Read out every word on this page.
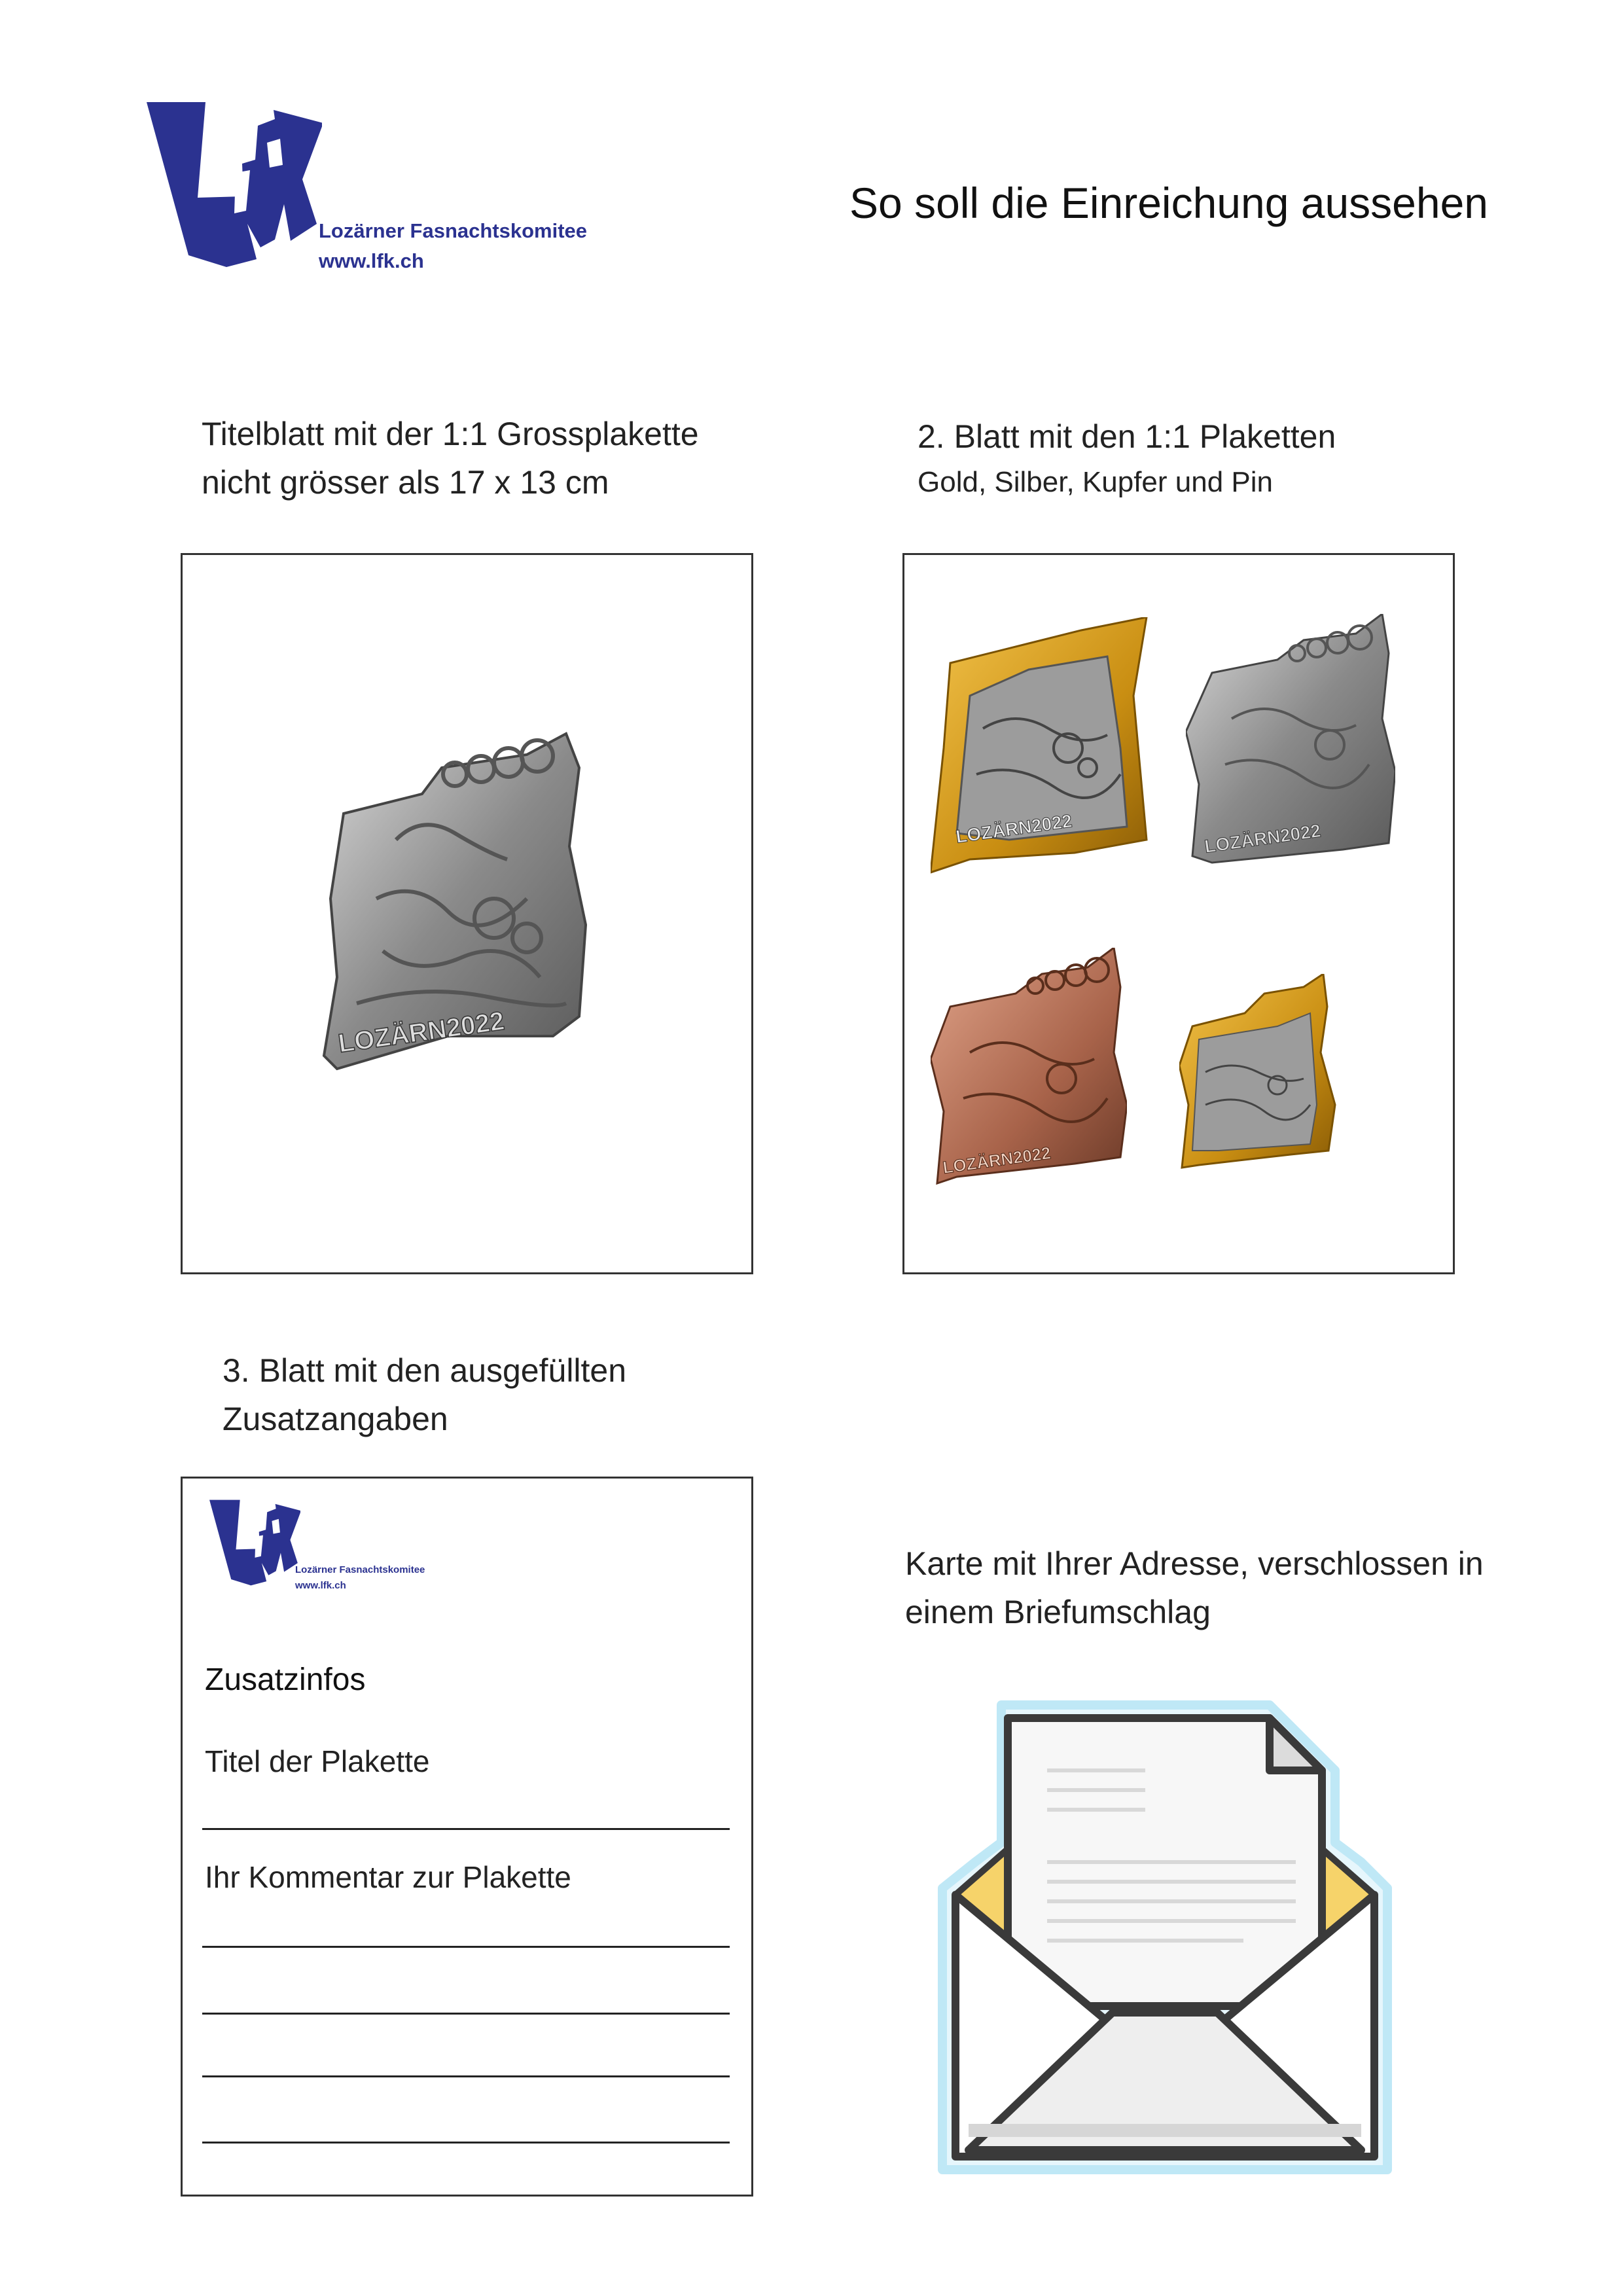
Lozärner Fasnachtskomitee
www.lfk.ch
So soll die Einreichung aussehen
Titelblatt mit der 1:1 Grossplakette
nicht grösser als 17 x 13 cm
2. Blatt mit den 1:1 Plaketten
Gold, Silber, Kupfer und Pin
LOZÄRN2022
LOZÄRN2022	LOZÄRN2022
LOZÄRN2022
3. Blatt mit den ausgefüllten
Zusatzangaben
Lozärner Fasnachtskomitee
www.lfk.ch
Zusatzinfos
Titel der Plakette
Ihr Kommentar zur Plakette
Karte mit Ihrer Adresse, verschlossen in
einem Briefumschlag
